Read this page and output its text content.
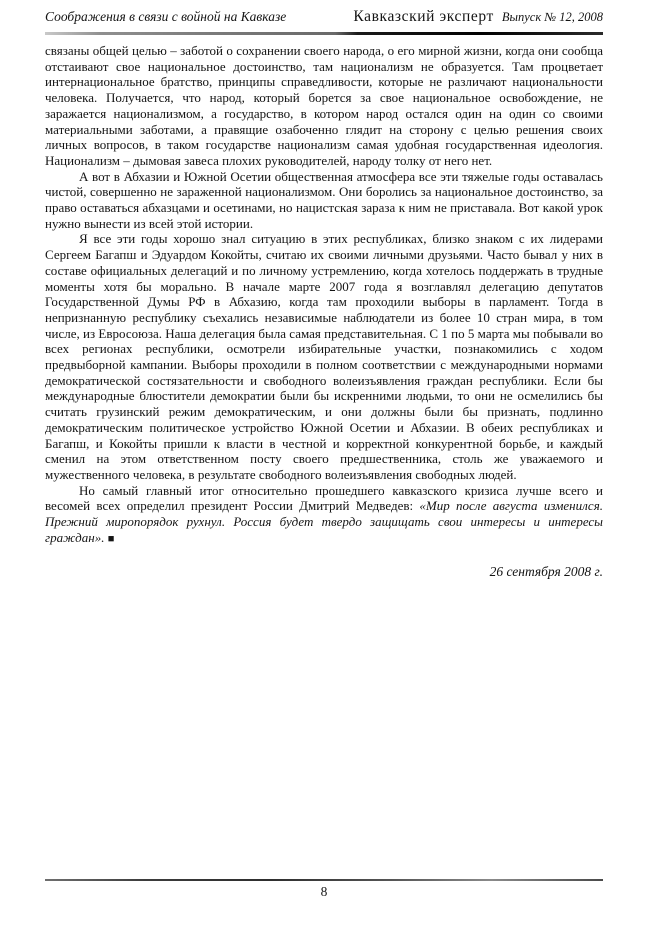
Соображения в связи с войной на Кавказе	Кавказский эксперт Выпуск № 12, 2008

связаны общей целью – заботой о сохранении своего народа, о его мирной жизни, когда они сообща отстаивают свое национальное достоинство, там национализм не образуется. Там процветает интернациональное братство, принципы справедливости, которые не различают национальности человека. Получается, что народ, который борется за свое национальное освобождение, не заражается национализмом, а государство, в котором народ остался один на один со своими материальными заботами, а правящие озабоченно глядит на сторону с целью решения своих личных вопросов, в таком государстве национализм самая удобная государственная идеология. Национализм – дымовая завеса плохих руководителей, народу толку от него нет.

А вот в Абхазии и Южной Осетии общественная атмосфера все эти тяжелые годы оставалась чистой, совершенно не зараженной национализмом. Они боролись за национальное достоинство, за право оставаться абхазцами и осетинами, но нацистская зараза к ним не приставала. Вот какой урок нужно вынести из всей этой истории.

Я все эти годы хорошо знал ситуацию в этих республиках, близко знаком с их лидерами Сергеем Багапш и Эдуардом Кокойты, считаю их своими личными друзьями. Часто бывал у них в составе официальных делегаций и по личному устремлению, когда хотелось поддержать в трудные моменты хотя бы морально. В начале марте 2007 года я возглавлял делегацию депутатов Государственной Думы РФ в Абхазию, когда там проходили выборы в парламент. Тогда в непризнанную республику съехались независимые наблюдатели из более 10 стран мира, в том числе, из Евросоюза. Наша делегация была самая представительная. С 1 по 5 марта мы побывали во всех регионах республики, осмотрели избирательные участки, познакомились с ходом предвыборной кампании. Выборы проходили в полном соответствии с международными нормами демократической состязательности и свободного волеизъявления граждан республики. Если бы международные блюстители демократии были бы искренними людьми, то они не осмелились бы считать грузинский режим демократическим, и они должны были бы признать, подлинно демократическим политическое устройство Южной Осетии и Абхазии. В обеих республиках и Багапш, и Кокойты пришли к власти в честной и корректной конкурентной борьбе, и каждый сменил на этом ответственном посту своего предшественника, столь же уважаемого и мужественного человека, в результате свободного волеизъявления свободных людей.

Но самый главный итог относительно прошедшего кавказского кризиса лучше всего и весомей всех определил президент России Дмитрий Медведев: «Мир после августа изменился. Прежний миропорядок рухнул. Россия будет твердо защищать свои интересы и интересы граждан». ■

26 сентября 2008 г.

8
